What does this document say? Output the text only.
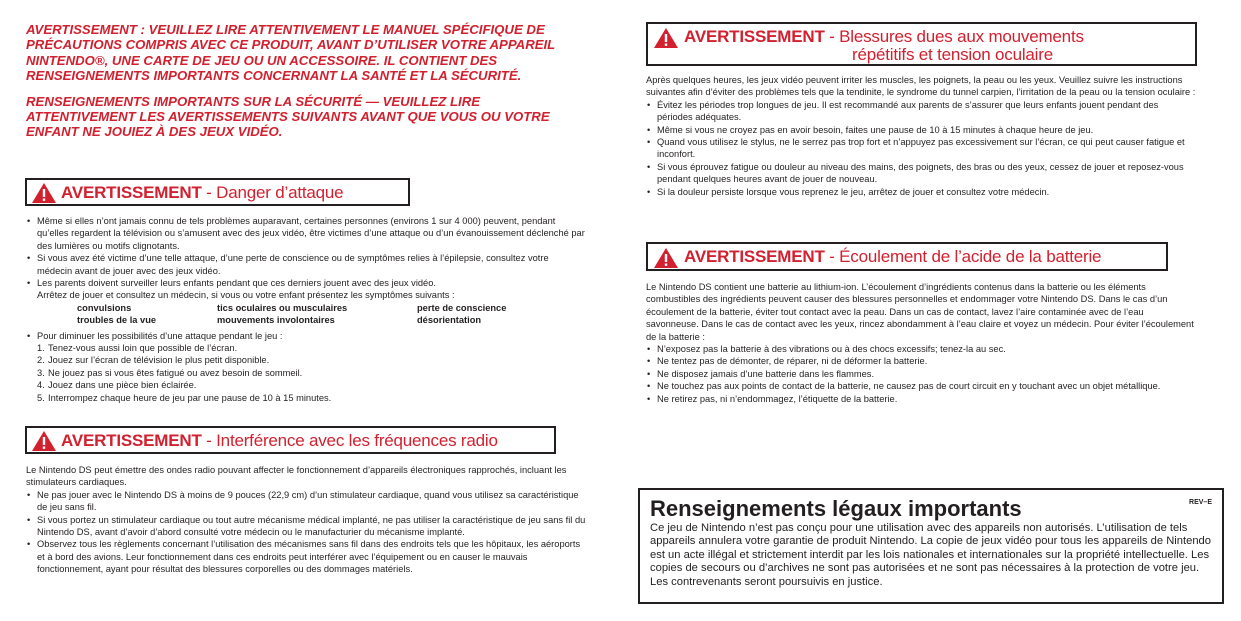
AVERTISSEMENT : VEUILLEZ LIRE ATTENTIVEMENT LE MANUEL SPÉCIFIQUE DE PRÉCAUTIONS COMPRIS AVEC CE PRODUIT, AVANT D’UTILISER VOTRE APPAREIL NINTENDO®, UNE CARTE DE JEU OU UN ACCESSOIRE. IL CONTIENT DES RENSEIGNEMENTS IMPORTANTS CONCERNANT LA SANTÉ ET LA SÉCURITÉ.

RENSEIGNEMENTS IMPORTANTS SUR LA SÉCURITÉ — VEUILLEZ LIRE ATTENTIVEMENT LES AVERTISSEMENTS SUIVANTS AVANT QUE VOUS OU VOTRE ENFANT NE JOUIEZ À DES JEUX VIDÉO.

AVERTISSEMENT - Danger d’attaque
• Même si elles n’ont jamais connu de tels problèmes auparavant, certaines personnes (environs 1 sur 4 000) peuvent, pendant qu’elles regardent la télévision ou s’amusent avec des jeux vidéo, être victimes d’une attaque ou d’un évanouissement déclenché par des lumières ou motifs clignotants.
• Si vous avez été victime d’une telle attaque, d’une perte de conscience ou de symptômes relies à l’épilepsie, consultez votre médecin avant de jouer avec des jeux vidéo.
• Les parents doivent surveiller leurs enfants pendant que ces derniers jouent avec des jeux vidéo.
Arrêtez de jouer et consultez un médecin, si vous ou votre enfant présentez les symptômes suivants :
convulsions	tics oculaires ou musculaires	perte de conscience
troubles de la vue	mouvements involontaires	désorientation
• Pour diminuer les possibilités d’une attaque pendant le jeu :
1. Tenez-vous aussi loin que possible de l’écran.
2. Jouez sur l’écran de télévision le plus petit disponible.
3. Ne jouez pas si vous êtes fatigué ou avez besoin de sommeil.
4. Jouez dans une pièce bien éclairée.
5. Interrompez chaque heure de jeu par une pause de 10 à 15 minutes.
AVERTISSEMENT - Interférence avec les fréquences radio

Le Nintendo DS peut émettre des ondes radio pouvant affecter le fonctionnement d’appareils électroniques rapprochés, incluant les stimulateurs cardiaques.

• Ne pas jouer avec le Nintendo DS à moins de 9 pouces (22,9 cm) d’un stimulateur cardiaque, quand vous utilisez sa caractéristique de jeu sans fil.
• Si vous portez un stimulateur cardiaque ou tout autre mécanisme médical implanté, ne pas utiliser la caractéristique de jeu sans fil du Nintendo DS, avant d’avoir d’abord consulté votre médecin ou le manufacturier du mécanisme implanté.
• Observez tous les règlements concernant l’utilisation des mécanismes sans fil dans des endroits tels que les hôpitaux, les aéroports et à bord des avions. Leur fonctionnement dans ces endroits peut interférer avec l’équipement ou en causer le mauvais fonctionnement, ayant pour résultat des blessures corporelles ou des dommages matériels.
AVERTISSEMENT - Blessures dues aux mouvements
répétitifs et tension oculaire

Après quelques heures, les jeux vidéo peuvent irriter les muscles, les poignets, la peau ou les yeux. Veuillez suivre les instructions suivantes afin d’éviter des problèmes tels que la tendinite, le syndrome du tunnel carpien, l’irritation de la peau ou la tension oculaire :

• Évitez les périodes trop longues de jeu. Il est recommandé aux parents de s’assurer que leurs enfants jouent pendant des périodes adéquates.
• Même si vous ne croyez pas en avoir besoin, faites une pause de 10 à 15 minutes à chaque heure de jeu.
• Quand vous utilisez le stylus, ne le serrez pas trop fort et n’appuyez pas excessivement sur l’écran, ce qui peut causer fatigue et inconfort.
• Si vous éprouvez fatigue ou douleur au niveau des mains, des poignets, des bras ou des yeux, cessez de jouer et reposez-vous pendant quelques heures avant de jouer de nouveau.
• Si la douleur persiste lorsque vous reprenez le jeu, arrêtez de jouer et consultez votre médecin.
AVERTISSEMENT - Écoulement de l’acide de la batterie

Le Nintendo DS contient une batterie au lithium-ion. L’écoulement d’ingrédients contenus dans la batterie ou les éléments combustibles des ingrédients peuvent causer des blessures personnelles et endommager votre Nintendo DS. Dans le cas d’un écoulement de la batterie, éviter tout contact avec la peau. Dans un cas de contact, lavez l’aire contaminée avec de l’eau savonneuse. Dans le cas de contact avec les yeux, rincez abondamment à l’eau claire et voyez un médecin. Pour éviter l’écoulement de la batterie :

• N’exposez pas la batterie à des vibrations ou à des chocs excessifs; tenez-la au sec.
• Ne tentez pas de démonter, de réparer, ni de déformer la batterie.
• Ne disposez jamais d’une batterie dans les flammes.
• Ne touchez pas aux points de contact de la batterie, ne causez pas de court circuit en y touchant avec un objet métallique.
• Ne retirez pas, ni n’endommagez, l’étiquette de la batterie.
Renseignements légaux importants	REV–E
Ce jeu de Nintendo n’est pas conçu pour une utilisation avec des appareils non autorisés. L’utilisation de tels appareils annulera votre garantie de produit Nintendo. La copie de jeux vidéo pour tous les appareils de Nintendo est un acte illégal et strictement interdit par les lois nationales et internationales sur la propriété intellectuelle. Les copies de secours ou d’archives ne sont pas autorisées et ne sont pas nécessaires à la protection de votre jeu. Les contrevenants seront poursuivis en justice.
